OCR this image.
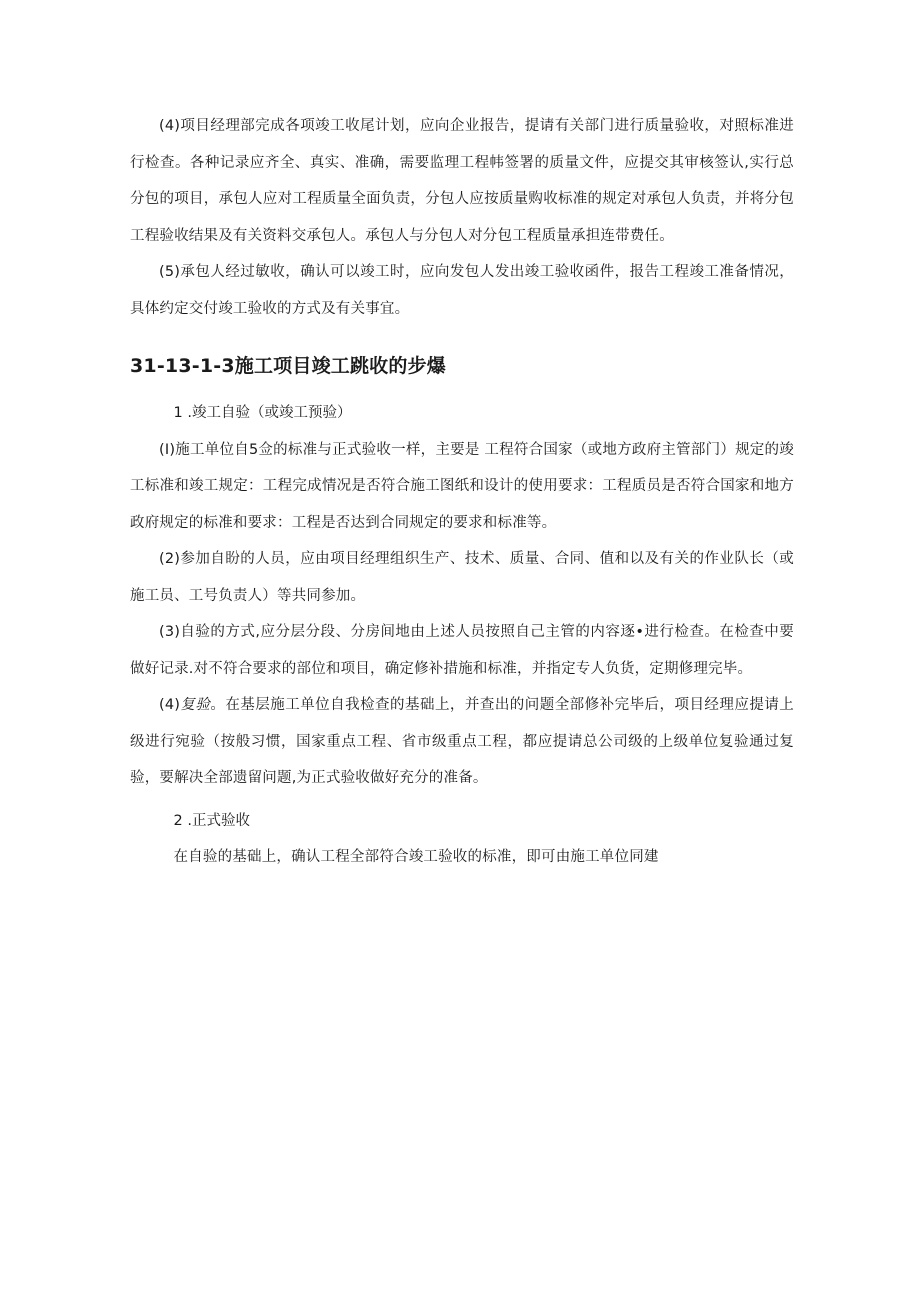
(4)项目经理部完成各项竣工收尾计划，应向企业报告，提请有关部门进行质量验收，对照标准进行检查。各种记录应齐全、真实、准确，需要监理工程帏签署的质量文件，应提交其审核签认,实行总分包的项目，承包人应对工程质量全面负责，分包人应按质量购收标准的规定对承包人负责，并将分包工程验收结果及有关资料交承包人。承包人与分包人对分包工程质量承担连带费任。

(5)承包人经过敏收，确认可以竣工时，应向发包人发出竣工验收函件，报告工程竣工准备情况，具体约定交付竣工验收的方式及有关事宜。

31-13-1-3施工项目竣工跳收的步爆

1 .竣工自验（或竣工预验）

(I)施工单位自5佥的标准与正式验收一样，主要是 工程符合国家（或地方政府主管部门）规定的竣工标准和竣工规定：工程完成情况是否符合施工图纸和设计的使用要求：工程质员是否符合国家和地方政府规定的标准和要求：工程是否达到合同规定的要求和标准等。

(2)参加自盼的人员，应由项目经理组织生产、技术、质量、合同、值和以及有关的作业队长（或施工员、工号负责人）等共同参加。

(3)自验的方式,应分层分段、分房间地由上述人员按照自己主管的内容逐•进行检查。在检查中要做好记录.对不符合要求的部位和项目，确定修补措施和标准，并指定专人负货，定期修理完毕。

(4)复验。在基层施工单位自我检查的基础上，并查出的问题全部修补完毕后，项目经理应提请上级进行宛验（按般习惯，国家重点工程、省市级重点工程，都应提请总公司级的上级单位复验通过复验，要解决全部遗留问题,为正式验收做好充分的准备。

2 .正式验收

在自验的基础上，确认工程全部符合竣工验收的标准，即可由施工单位同建
